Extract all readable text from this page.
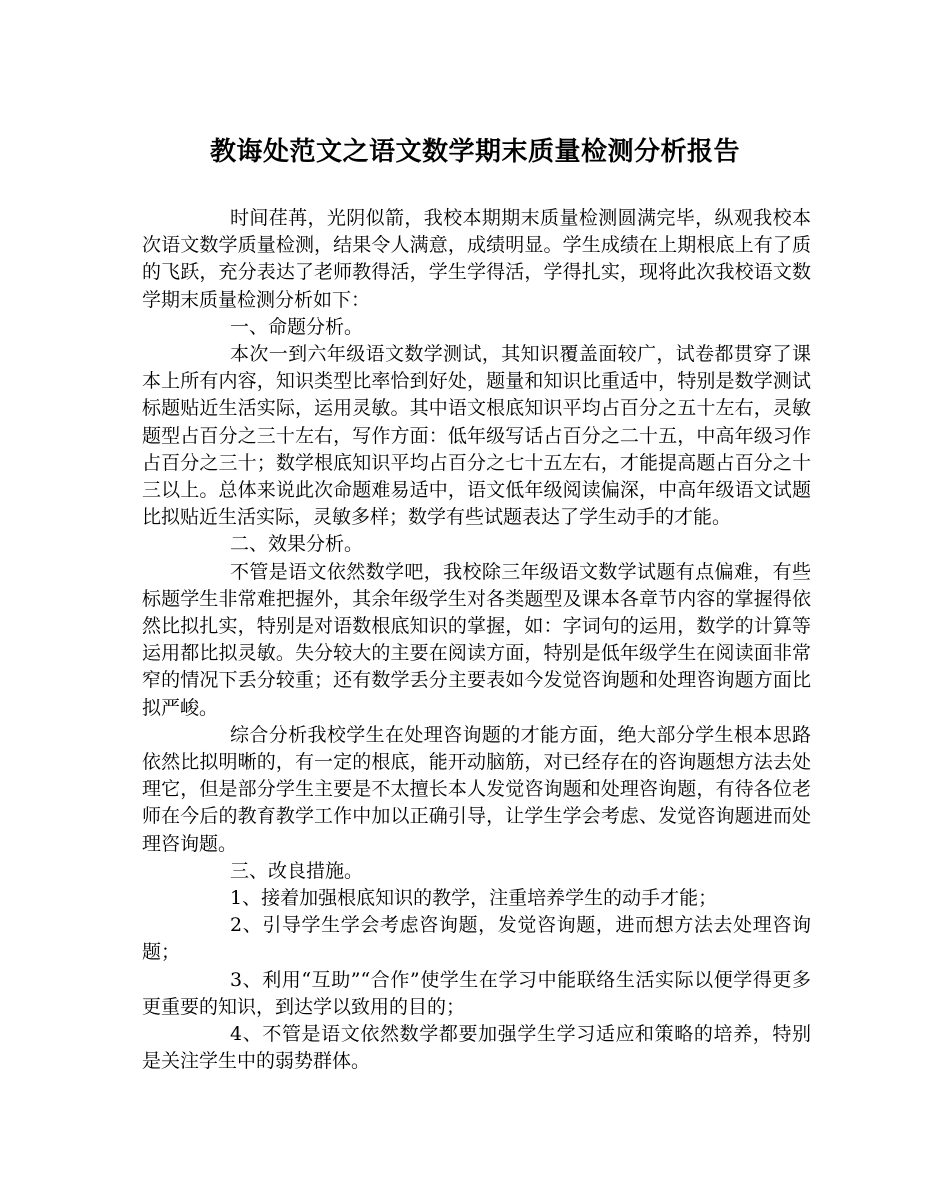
教诲处范文之语文数学期末质量检测分析报告

时间荏苒，光阴似箭，我校本期期末质量检测圆满完毕，纵观我校本次语文数学质量检测，结果令人满意，成绩明显。学生成绩在上期根底上有了质的飞跃，充分表达了老师教得活，学生学得活，学得扎实，现将此次我校语文数学期末质量检测分析如下：

一、命题分析。

本次一到六年级语文数学测试，其知识覆盖面较广，试卷都贯穿了课本上所有内容，知识类型比率恰到好处，题量和知识比重适中，特别是数学测试标题贴近生活实际，运用灵敏。其中语文根底知识平均占百分之五十左右，灵敏题型占百分之三十左右，写作方面：低年级写话占百分之二十五，中高年级习作占百分之三十；数学根底知识平均占百分之七十五左右，才能提高题占百分之十三以上。总体来说此次命题难易适中，语文低年级阅读偏深，中高年级语文试题比拟贴近生活实际，灵敏多样；数学有些试题表达了学生动手的才能。

二、效果分析。

不管是语文依然数学吧，我校除三年级语文数学试题有点偏难，有些标题学生非常难把握外，其余年级学生对各类题型及课本各章节内容的掌握得依然比拟扎实，特别是对语数根底知识的掌握，如：字词句的运用，数学的计算等运用都比拟灵敏。失分较大的主要在阅读方面，特别是低年级学生在阅读面非常窄的情况下丢分较重；还有数学丢分主要表如今发觉咨询题和处理咨询题方面比拟严峻。

综合分析我校学生在处理咨询题的才能方面，绝大部分学生根本思路依然比拟明晰的，有一定的根底，能开动脑筋，对已经存在的咨询题想方法去处理它，但是部分学生主要是不太擅长本人发觉咨询题和处理咨询题，有待各位老师在今后的教育教学工作中加以正确引导，让学生学会考虑、发觉咨询题进而处理咨询题。

三、改良措施。

1、接着加强根底知识的教学，注重培养学生的动手才能；

2、引导学生学会考虑咨询题，发觉咨询题，进而想方法去处理咨询题；

3、利用“互助”“合作”使学生在学习中能联络生活实际以便学得更多更重要的知识，到达学以致用的目的；

4、不管是语文依然数学都要加强学生学习适应和策略的培养，特别是关注学生中的弱势群体。
